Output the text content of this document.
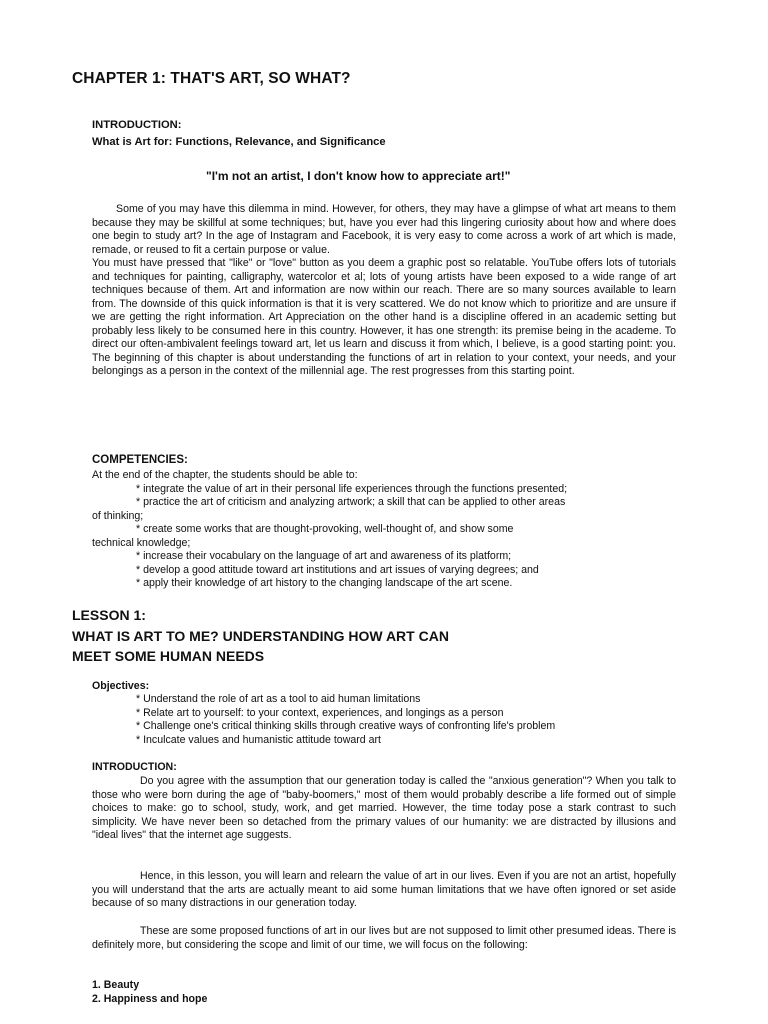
CHAPTER 1: THAT'S ART, SO WHAT?
INTRODUCTION:
What is Art for: Functions, Relevance, and Significance
"I'm not an artist, I don't know how to appreciate art!"

Some of you may have this dilemma in mind. However, for others, they may have a glimpse of what art means to them because they may be skillful at some techniques; but, have you ever had this lingering curiosity about how and where does one begin to study art? In the age of Instagram and Facebook, it is very easy to come across a work of art which is made, remade, or reused to fit a certain purpose or value.

You must have pressed that "like" or "love" button as you deem a graphic post so relatable. YouTube offers lots of tutorials and techniques for painting, calligraphy, watercolor et al; lots of young artists have been exposed to a wide range of art techniques because of them. Art and information are now within our reach. There are so many sources available to learn from. The downside of this quick information is that it is very scattered. We do not know which to prioritize and are unsure if we are getting the right information. Art Appreciation on the other hand is a discipline offered in an academic setting but probably less likely to be consumed here in this country. However, it has one strength: its premise being in the academe. To direct our often-ambivalent feelings toward art, let us learn and discuss it from which, I believe, is a good starting point: you. The beginning of this chapter is about understanding the functions of art in relation to your context, your needs, and your belongings as a person in the context of the millennial age. The rest progresses from this starting point.

COMPETENCIES:

At the end of the chapter, the students should be able to:

* integrate the value of art in their personal life experiences through the functions presented;

* practice the art of criticism and analyzing artwork; a skill that can be applied to other areas

of thinking;

* create some works that are thought-provoking, well-thought of, and show some

technical knowledge;

* increase their vocabulary on the language of art and awareness of its platform;

* develop a good attitude toward art institutions and art issues of varying degrees; and

* apply their knowledge of art history to the changing landscape of the art scene.

LESSON 1:

WHAT IS ART TO ME? UNDERSTANDING HOW ART CAN

MEET SOME HUMAN NEEDS

Objectives:

* Understand the role of art as a tool to aid human limitations

* Relate art to yourself: to your context, experiences, and longings as a person

* Challenge one's critical thinking skills through creative ways of confronting life's problem

* Inculcate values and humanistic attitude toward art

INTRODUCTION:

Do you agree with the assumption that our generation today is called the "anxious generation"? When you talk to those who were born during the age of "baby-boomers," most of them would probably describe a life formed out of simple choices to make: go to school, study, work, and get married. However, the time today pose a stark contrast to such simplicity. We have never been so detached from the primary values of our humanity: we are distracted by illusions and "ideal lives" that the internet age suggests.

Hence, in this lesson, you will learn and relearn the value of art in our lives. Even if you are not an artist, hopefully you will understand that the arts are actually meant to aid some human limitations that we have often ignored or set aside because of so many distractions in our generation today.

These are some proposed functions of art in our lives but are not supposed to limit other presumed ideas. There is definitely more, but considering the scope and limit of our time, we will focus on the following:

1. Beauty

2. Happiness and hope
